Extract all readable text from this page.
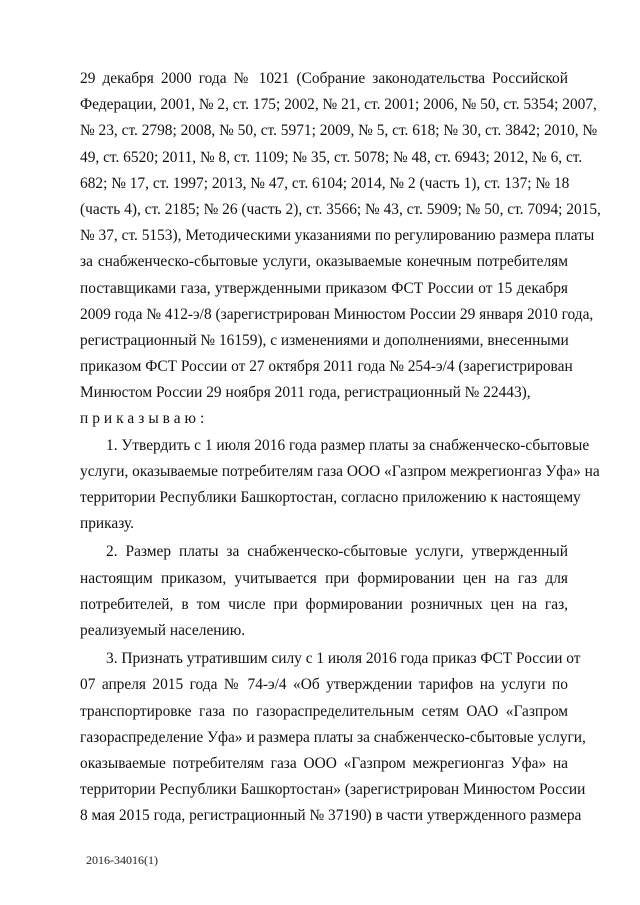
29 декабря 2000 года № 1021 (Собрание законодательства Российской
Федерации, 2001, № 2, ст. 175; 2002, № 21, ст. 2001; 2006, № 50, ст. 5354; 2007,
№ 23, ст. 2798; 2008, № 50, ст. 5971; 2009, № 5, ст. 618; № 30, ст. 3842; 2010, №
49, ст. 6520; 2011, № 8, ст. 1109; № 35, ст. 5078; № 48, ст. 6943; 2012, № 6, ст.
682; № 17, ст. 1997; 2013, № 47, ст. 6104; 2014, № 2 (часть 1), ст. 137; № 18
(часть 4), ст. 2185; № 26 (часть 2), ст. 3566; № 43, ст. 5909; № 50, ст. 7094; 2015,
№ 37, ст. 5153), Методическими указаниями по регулированию размера платы
за снабженческо-сбытовые услуги, оказываемые конечным потребителям
поставщиками газа, утвержденными приказом ФСТ России от 15 декабря
2009 года № 412-э/8 (зарегистрирован Минюстом России 29 января 2010 года,
регистрационный № 16159), с изменениями и дополнениями, внесенными
приказом ФСТ России от 27 октября 2011 года № 254-э/4 (зарегистрирован
Минюстом России 29 ноября 2011 года, регистрационный № 22443),
приказываю:
1. Утвердить с 1 июля 2016 года размер платы за снабженческо-сбытовые
услуги, оказываемые потребителям газа ООО «Газпром межрегионгаз Уфа» на
территории Республики Башкортостан, согласно приложению к настоящему
приказу.
2. Размер платы за снабженческо-сбытовые услуги, утвержденный
настоящим приказом, учитывается при формировании цен на газ для
потребителей, в том числе при формировании розничных цен на газ,
реализуемый населению.
3. Признать утратившим силу с 1 июля 2016 года приказ ФСТ России от
07 апреля 2015 года № 74-э/4 «Об утверждении тарифов на услуги по
транспортировке газа по газораспределительным сетям ОАО «Газпром
газораспределение Уфа» и размера платы за снабженческо-сбытовые услуги,
оказываемые потребителям газа ООО «Газпром межрегионгаз Уфа» на
территории Республики Башкортостан» (зарегистрирован Минюстом России
8 мая 2015 года, регистрационный № 37190) в части утвержденного размера
2016-34016(1)
